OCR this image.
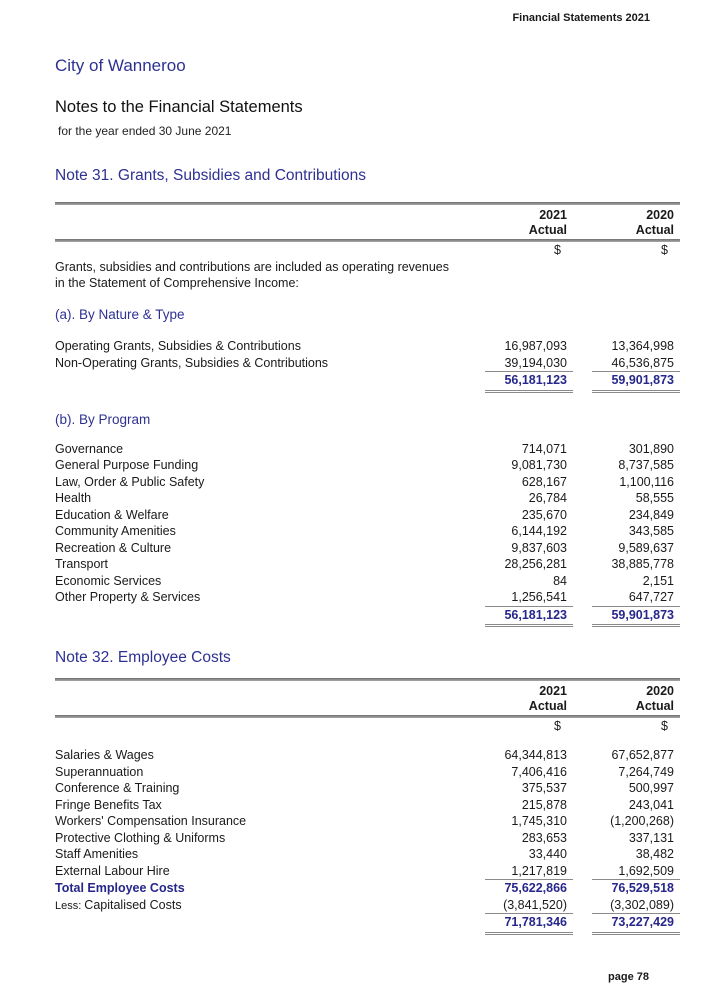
Financial Statements 2021
City of Wanneroo
Notes to the Financial Statements
for the year ended 30 June 2021
Note 31. Grants, Subsidies and Contributions
2021	2020
Actual	Actual
$	$
Grants, subsidies and contributions are included as operating revenues
in the Statement of Comprehensive Income:
(a). By Nature & Type
Operating Grants, Subsidies & Contributions	16,987,093	13,364,998
Non-Operating Grants, Subsidies & Contributions	39,194,030	46,536,875
56,181,123	59,901,873
(b). By Program
Governance	714,071	301,890
General Purpose Funding	9,081,730	8,737,585
Law, Order & Public Safety	628,167	1,100,116
Health	26,784	58,555
Education & Welfare	235,670	234,849
Community Amenities	6,144,192	343,585
Recreation & Culture	9,837,603	9,589,637
Transport	28,256,281	38,885,778
Economic Services	84	2,151
Other Property & Services	1,256,541	647,727
56,181,123	59,901,873
Note 32. Employee Costs
2021	2020
Actual	Actual
$	$
Salaries & Wages	64,344,813	67,652,877
Superannuation	7,406,416	7,264,749
Conference & Training	375,537	500,997
Fringe Benefits Tax	215,878	243,041
Workers' Compensation Insurance	1,745,310	(1,200,268)
Protective Clothing & Uniforms	283,653	337,131
Staff Amenities	33,440	38,482
External Labour Hire	1,217,819	1,692,509
Total Employee Costs	75,622,866	76,529,518
Less: Capitalised Costs	(3,841,520)	(3,302,089)
71,781,346	73,227,429
page 78
